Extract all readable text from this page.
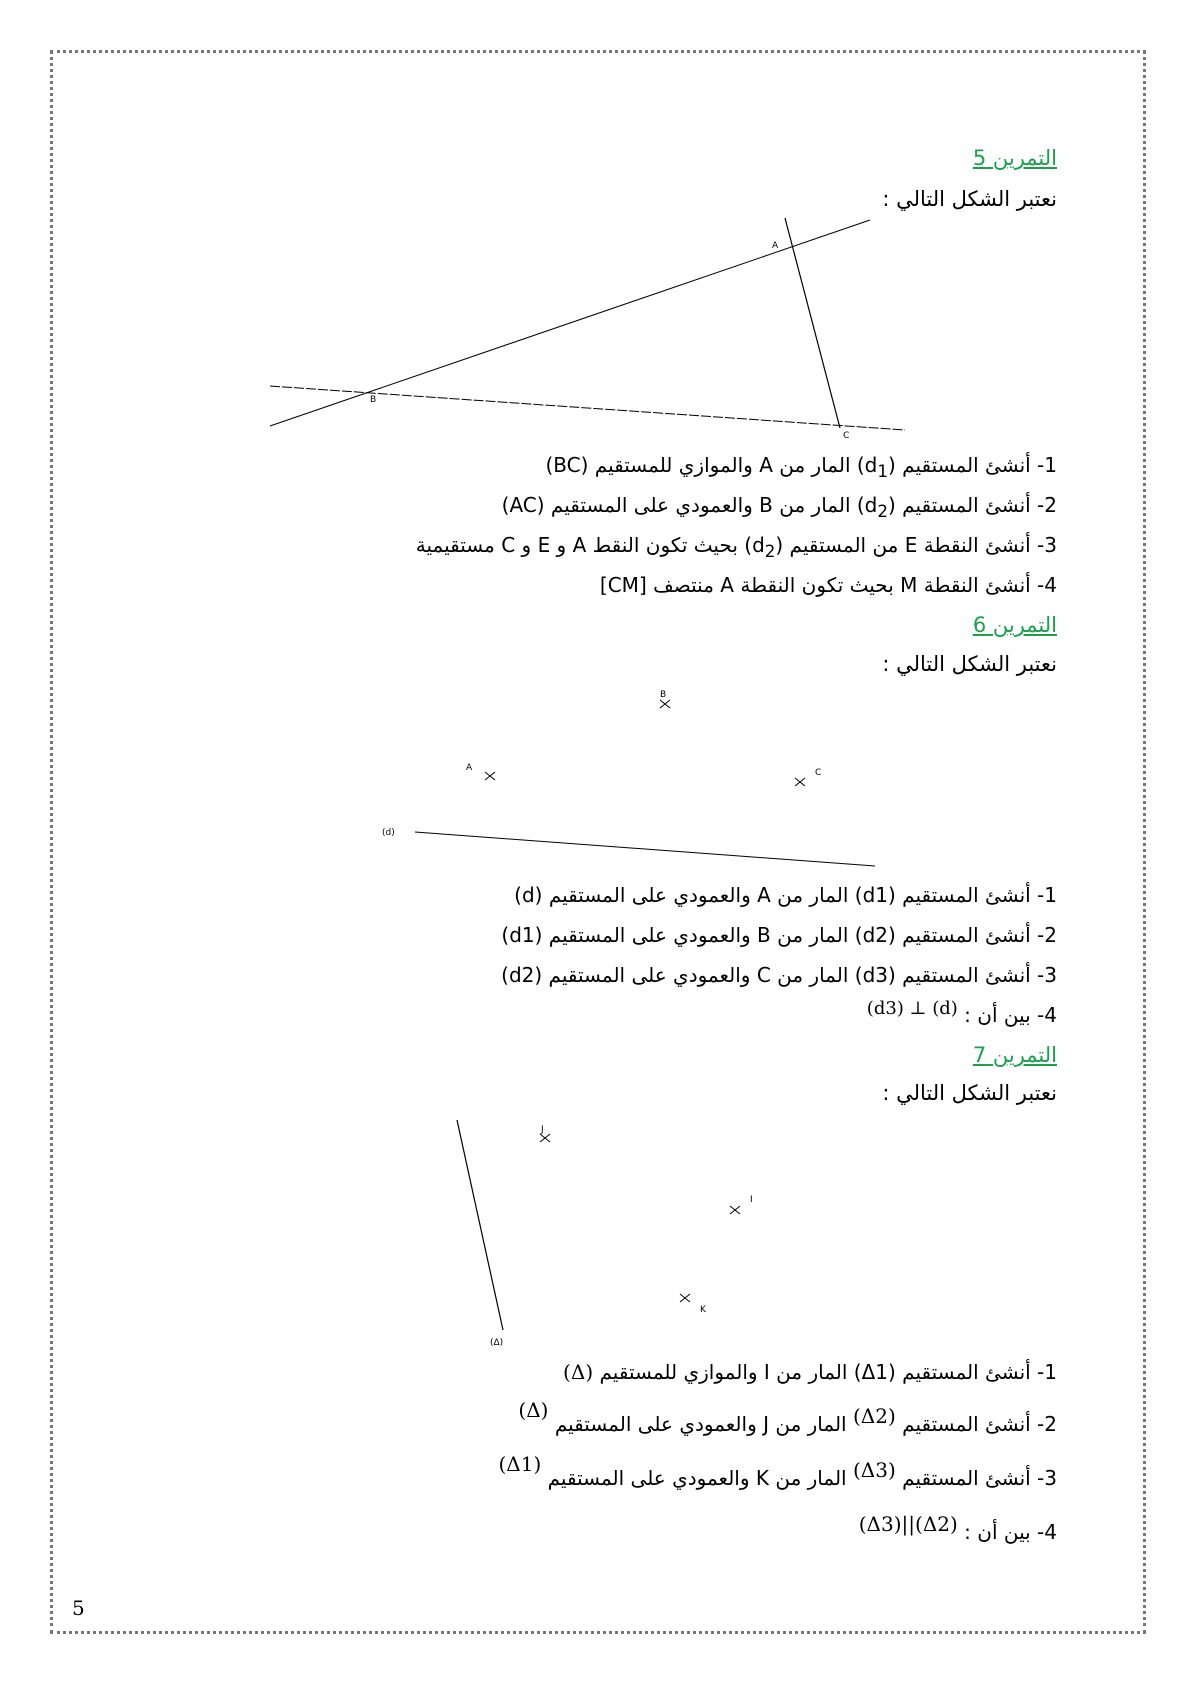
التمرين 5
نعتبر الشكل التالي :
A
B
C
1- أنشئ المستقيم $(d_1)$ المار من A والموازي للمستقيم (BC)
2- أنشئ المستقيم $(d_2)$ المار من B والعمودي على المستقيم (AC)
3- أنشئ النقطة E من المستقيم $(d_2)$ بحيث تكون النقط A و E و C مستقيمية
4- أنشئ النقطة M بحيث تكون النقطة A منتصف [CM]
التمرين 6
نعتبر الشكل التالي :
B
A	C
(d)
1- أنشئ المستقيم (d1) المار من A والعمودي على المستقيم (d)
2- أنشئ المستقيم (d2) المار من B والعمودي على المستقيم (d1)
3- أنشئ المستقيم (d3) المار من C والعمودي على المستقيم (d2)
4- بين أن : (d) ⊥ (d3)
التمرين 7
نعتبر الشكل التالي :
(Δ)
J
I
K
1- أنشئ المستقيم (Δ1) المار من I والموازي للمستقيم (Δ)
2- أنشئ المستقيم (Δ2) المار من J والعمودي على المستقيم (Δ)
3- أنشئ المستقيم (Δ3) المار من K والعمودي على المستقيم (Δ1)
4- بين أن : (Δ2)||(Δ3)
5
